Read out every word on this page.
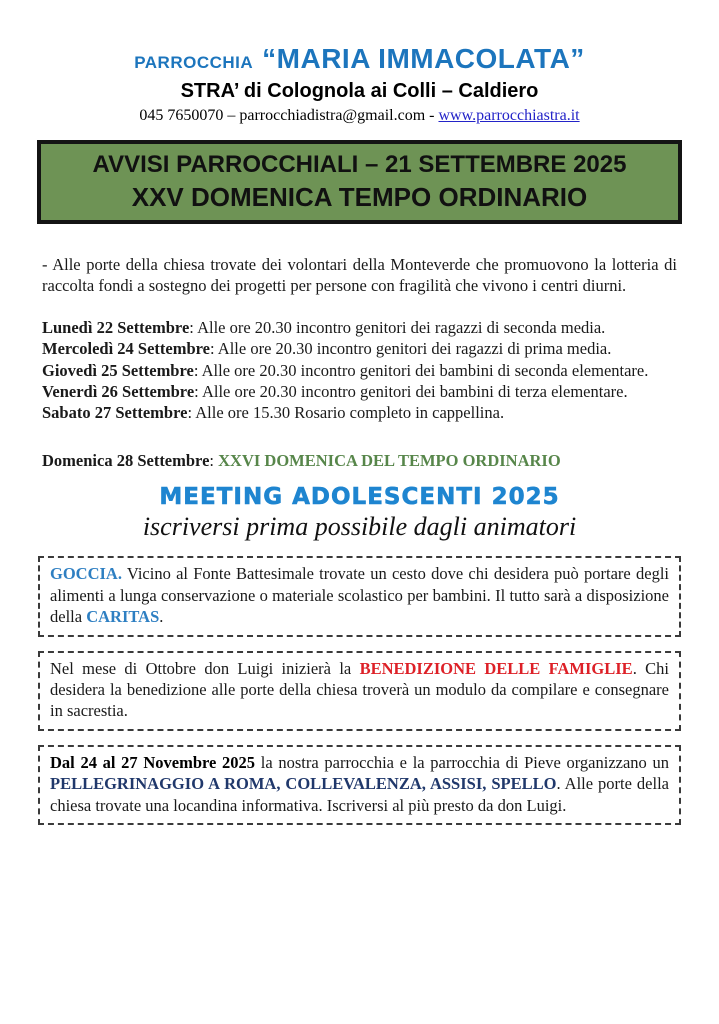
PARROCCHIA “MARIA IMMACOLATA”
STRA’ di Colognola ai Colli – Caldiero
045 7650070 – parrocchiadistra@gmail.com - www.parrocchiastra.it
AVVISI PARROCCHIALI – 21 SETTEMBRE 2025
XXV DOMENICA TEMPO ORDINARIO

- Alle porte della chiesa trovate dei volontari della Monteverde che promuovono la lotteria di raccolta fondi a sostegno dei progetti per persone con fragilità che vivono i centri diurni.

Lunedì 22 Settembre: Alle ore 20.30 incontro genitori dei ragazzi di seconda media.

Mercoledì 24 Settembre: Alle ore 20.30 incontro genitori dei ragazzi di prima media.

Giovedì 25 Settembre: Alle ore 20.30 incontro genitori dei bambini di seconda elementare.

Venerdì 26 Settembre: Alle ore 20.30 incontro genitori dei bambini di terza elementare.

Sabato 27 Settembre: Alle ore 15.30 Rosario completo in cappellina.

Domenica 28 Settembre: XXVI DOMENICA DEL TEMPO ORDINARIO

MEETING ADOLESCENTI 2025
iscriversi prima possibile dagli animatori

GOCCIA. Vicino al Fonte Battesimale trovate un cesto dove chi desidera può portare degli alimenti a lunga conservazione o materiale scolastico per bambini. Il tutto sarà a disposizione della CARITAS.

Nel mese di Ottobre don Luigi inizierà la BENEDIZIONE DELLE FAMIGLIE. Chi desidera la benedizione alle porte della chiesa troverà un modulo da compilare e consegnare in sacrestia.

Dal 24 al 27 Novembre 2025 la nostra parrocchia e la parrocchia di Pieve organizzano un PELLEGRINAGGIO A ROMA, COLLEVALENZA, ASSISI, SPELLO. Alle porte della chiesa trovate una locandina informativa. Iscriversi al più presto da don Luigi.
